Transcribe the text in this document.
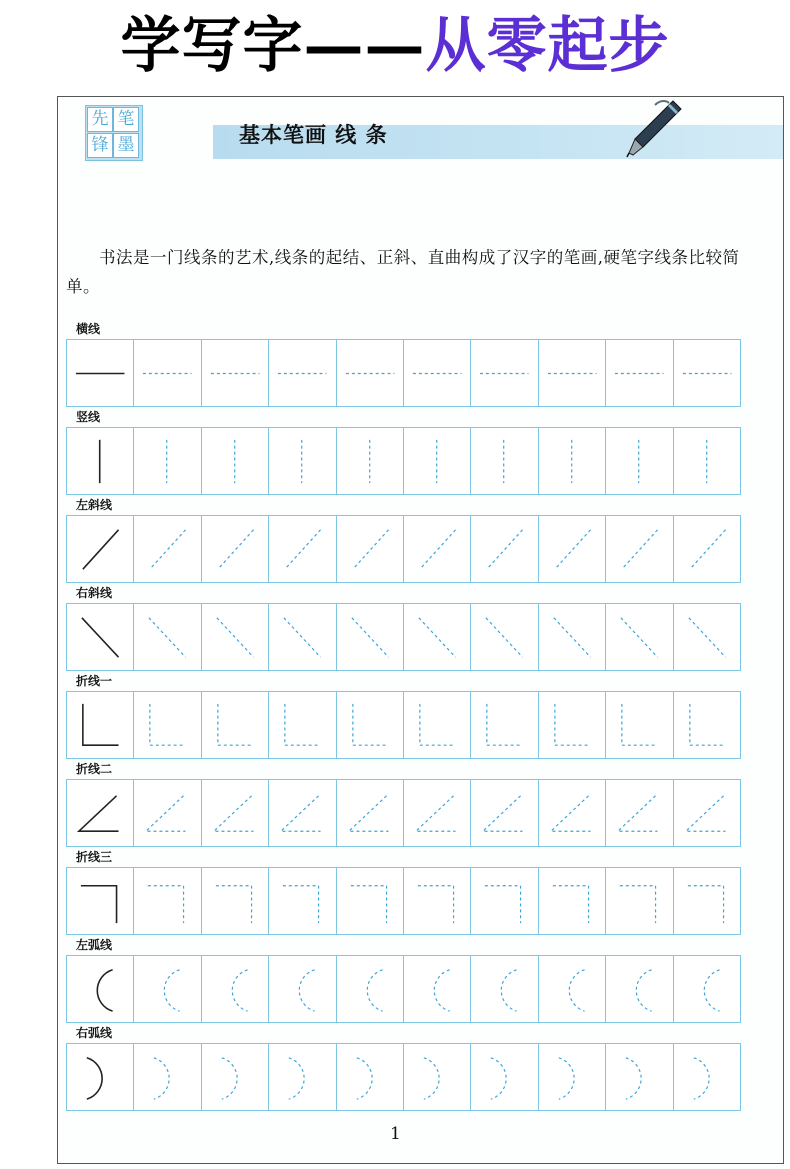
学写字——从零起步
笔
墨
先
锋	基本笔画 线 条
书法是一门线条的艺术,线条的起结、正斜、直曲构成了汉字的笔画,硬笔字线条比较简单。
横线
竖线
左斜线
右斜线
折线一
折线二
折线三
左弧线
右弧线
1
